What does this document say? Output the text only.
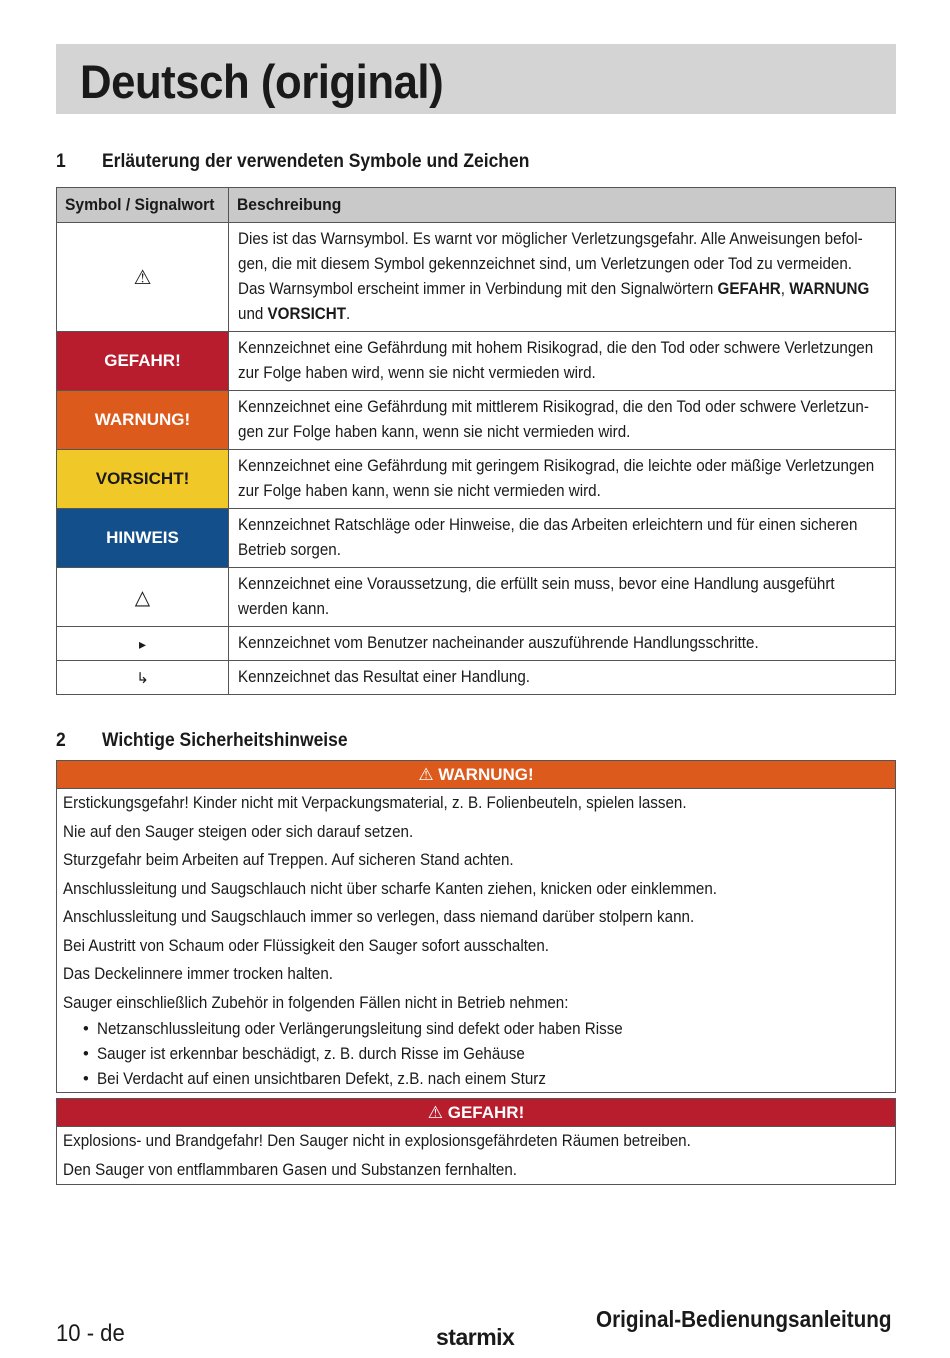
Deutsch (original)
1 Erläuterung der verwendeten Symbole und Zeichen
Symbol / Signalwort	Beschreibung
⚠	Dies ist das Warnsymbol. Es warnt vor möglicher Verletzungsgefahr. Alle Anweisungen befol-gen, die mit diesem Symbol gekennzeichnet sind, um Verletzungen oder Tod zu vermeiden. Das Warnsymbol erscheint immer in Verbindung mit den Signalwörtern GEFAHR, WARNUNG und VORSICHT.
GEFAHR!	Kennzeichnet eine Gefährdung mit hohem Risikograd, die den Tod oder schwere Verletzungen zur Folge haben wird, wenn sie nicht vermieden wird.
WARNUNG!	Kennzeichnet eine Gefährdung mit mittlerem Risikograd, die den Tod oder schwere Verletzun-gen zur Folge haben kann, wenn sie nicht vermieden wird.
VORSICHT!	Kennzeichnet eine Gefährdung mit geringem Risikograd, die leichte oder mäßige Verletzungen zur Folge haben kann, wenn sie nicht vermieden wird.
HINWEIS	Kennzeichnet Ratschläge oder Hinweise, die das Arbeiten erleichtern und für einen sicheren Betrieb sorgen.
△	Kennzeichnet eine Voraussetzung, die erfüllt sein muss, bevor eine Handlung ausgeführt werden kann.
▸	Kennzeichnet vom Benutzer nacheinander auszuführende Handlungsschritte.
↳	Kennzeichnet das Resultat einer Handlung.
2 Wichtige Sicherheitshinweise
⚠ WARNUNG!
Erstickungsgefahr! Kinder nicht mit Verpackungsmaterial, z. B. Folienbeuteln, spielen lassen.
Nie auf den Sauger steigen oder sich darauf setzen.
Sturzgefahr beim Arbeiten auf Treppen. Auf sicheren Stand achten.
Anschlussleitung und Saugschlauch nicht über scharfe Kanten ziehen, knicken oder einklemmen.
Anschlussleitung und Saugschlauch immer so verlegen, dass niemand darüber stolpern kann.
Bei Austritt von Schaum oder Flüssigkeit den Sauger sofort ausschalten.
Das Deckelinnere immer trocken halten.
Sauger einschließlich Zubehör in folgenden Fällen nicht in Betrieb nehmen:
• Netzanschlussleitung oder Verlängerungsleitung sind defekt oder haben Risse
• Sauger ist erkennbar beschädigt, z. B. durch Risse im Gehäuse
• Bei Verdacht auf einen unsichtbaren Defekt, z.B. nach einem Sturz
⚠ GEFAHR!
Explosions- und Brandgefahr! Den Sauger nicht in explosionsgefährdeten Räumen betreiben.
Den Sauger von entflammbaren Gasen und Substanzen fernhalten.
10 - de	starmix
Original-Bedienungsanleitung
